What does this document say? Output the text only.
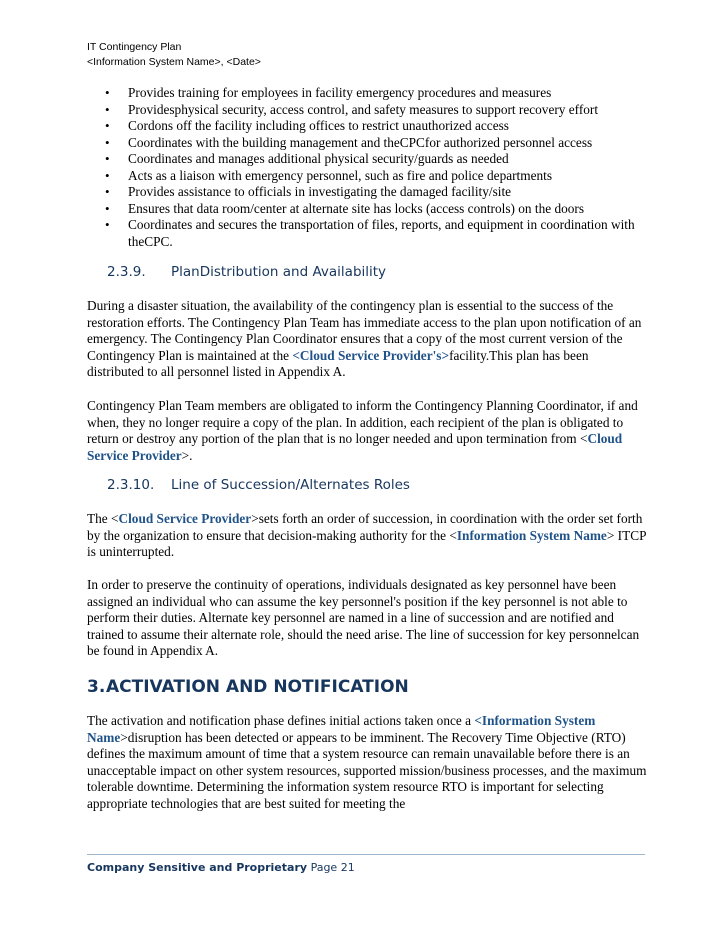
IT Contingency Plan
<Information System Name>, <Date>
• Provides training for employees in facility emergency procedures and measures
• Providesphysical security, access control, and safety measures to support recovery effort
• Cordons off the facility including offices to restrict unauthorized access
• Coordinates with the building management and theCPCfor authorized personnel access
• Coordinates and manages additional physical security/guards as needed
• Acts as a liaison with emergency personnel, such as fire and police departments
• Provides assistance to officials in investigating the damaged facility/site
• Ensures that data room/center at alternate site has locks (access controls) on the doors
• Coordinates and secures the transportation of files, reports, and equipment in coordination with theCPC.
2.3.9. PlanDistribution and Availability
During a disaster situation, the availability of the contingency plan is essential to the success of the restoration efforts. The Contingency Plan Team has immediate access to the plan upon notification of an emergency. The Contingency Plan Coordinator ensures that a copy of the most current version of the Contingency Plan is maintained at the <Cloud Service Provider's>facility.This plan has been distributed to all personnel listed in Appendix A.
Contingency Plan Team members are obligated to inform the Contingency Planning Coordinator, if and when, they no longer require a copy of the plan. In addition, each recipient of the plan is obligated to return or destroy any portion of the plan that is no longer needed and upon termination from <Cloud Service Provider>.
2.3.10. Line of Succession/Alternates Roles
The <Cloud Service Provider>sets forth an order of succession, in coordination with the order set forth by the organization to ensure that decision-making authority for the <Information System Name> ITCP is uninterrupted.
In order to preserve the continuity of operations, individuals designated as key personnel have been assigned an individual who can assume the key personnel's position if the key personnel is not able to perform their duties. Alternate key personnel are named in a line of succession and are notified and trained to assume their alternate role, should the need arise. The line of succession for key personnelcan be found in Appendix A.
3.ACTIVATION AND NOTIFICATION
The activation and notification phase defines initial actions taken once a <Information System Name>disruption has been detected or appears to be imminent. The Recovery Time Objective (RTO) defines the maximum amount of time that a system resource can remain unavailable before there is an unacceptable impact on other system resources, supported mission/business processes, and the maximum tolerable downtime. Determining the information system resource RTO is important for selecting appropriate technologies that are best suited for meeting the
Company Sensitive and Proprietary Page 21
